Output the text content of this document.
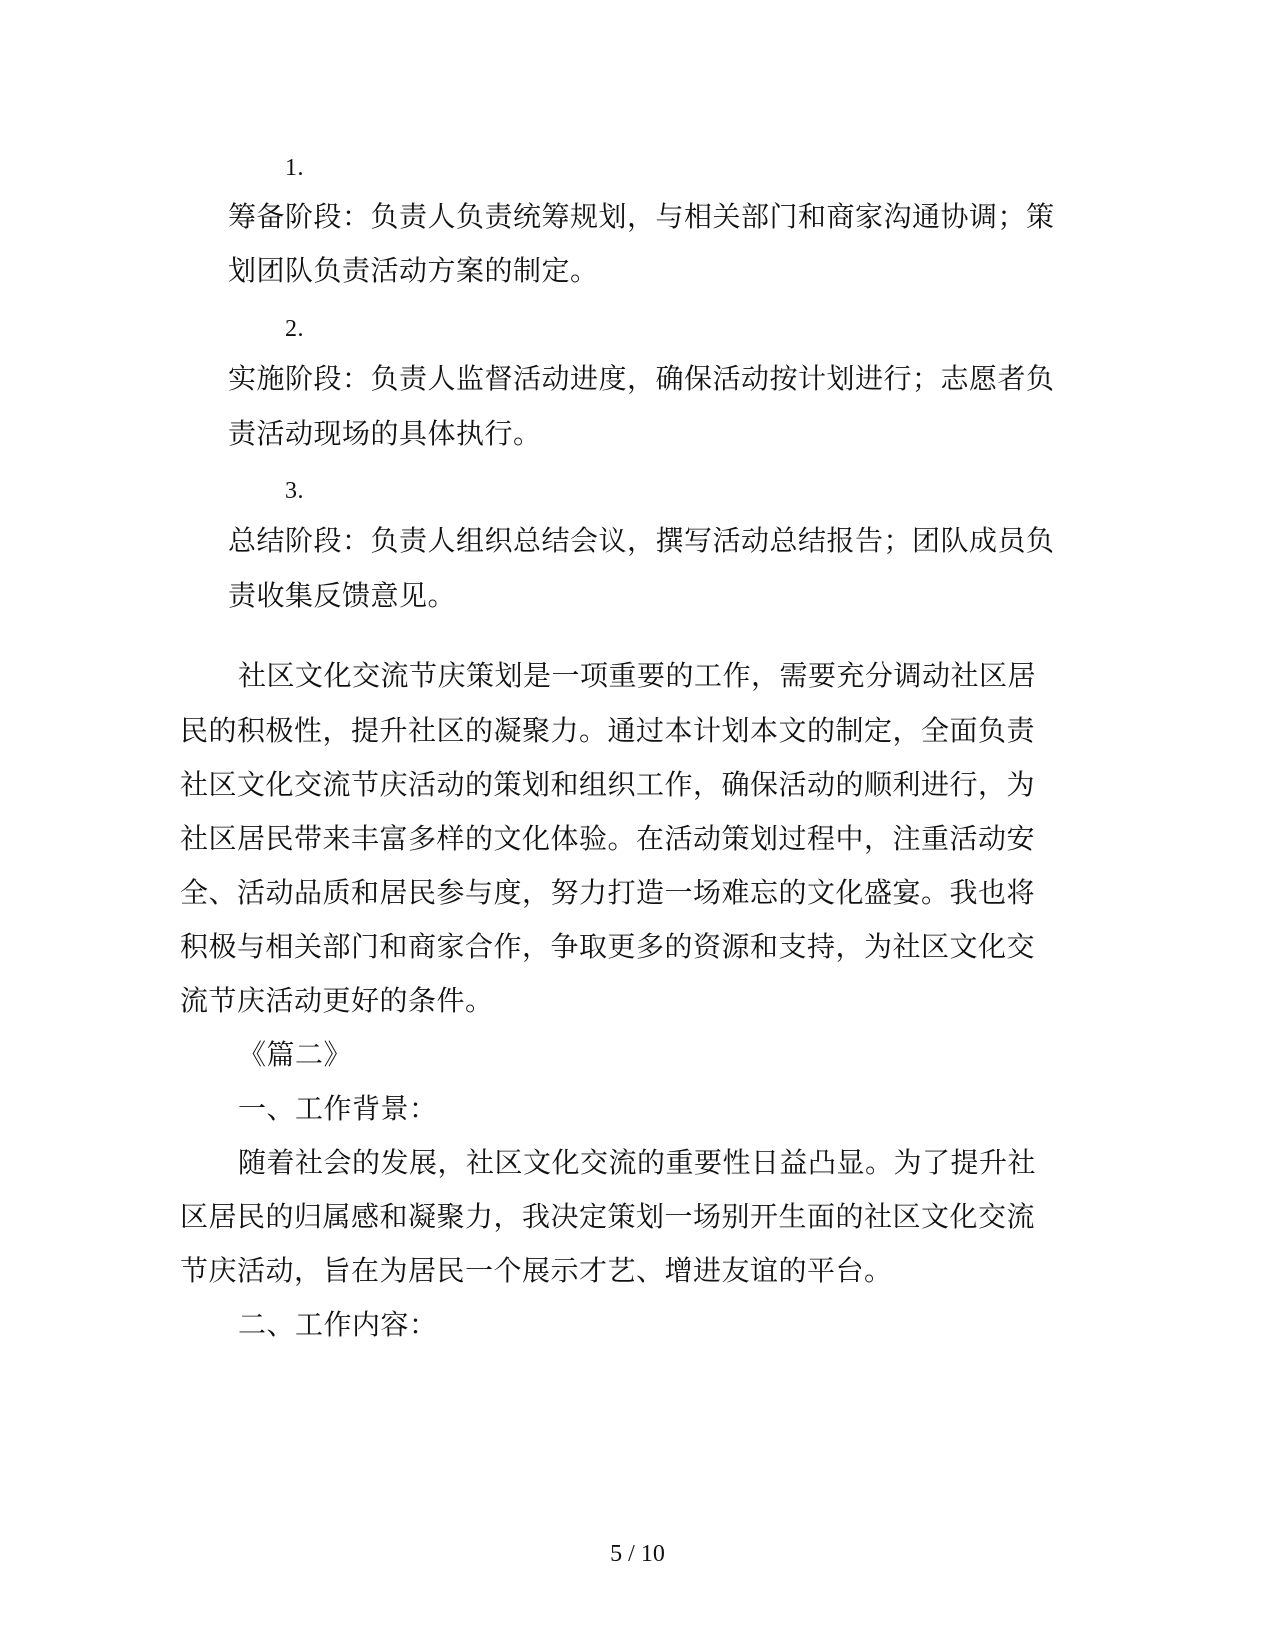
1.
筹备阶段：负责人负责统筹规划，与相关部门和商家沟通协调；策
划团队负责活动方案的制定。
2.
实施阶段：负责人监督活动进度，确保活动按计划进行；志愿者负
责活动现场的具体执行。
3.
总结阶段：负责人组织总结会议，撰写活动总结报告；团队成员负
责收集反馈意见。
社区文化交流节庆策划是一项重要的工作，需要充分调动社区居
民的积极性，提升社区的凝聚力。通过本计划本文的制定，全面负责
社区文化交流节庆活动的策划和组织工作，确保活动的顺利进行，为
社区居民带来丰富多样的文化体验。在活动策划过程中，注重活动安
全、活动品质和居民参与度，努力打造一场难忘的文化盛宴。我也将
积极与相关部门和商家合作，争取更多的资源和支持，为社区文化交
流节庆活动更好的条件。
《篇二》
一、工作背景：
随着社会的发展，社区文化交流的重要性日益凸显。为了提升社
区居民的归属感和凝聚力，我决定策划一场别开生面的社区文化交流
节庆活动，旨在为居民一个展示才艺、增进友谊的平台。
二、工作内容：
5 / 10
